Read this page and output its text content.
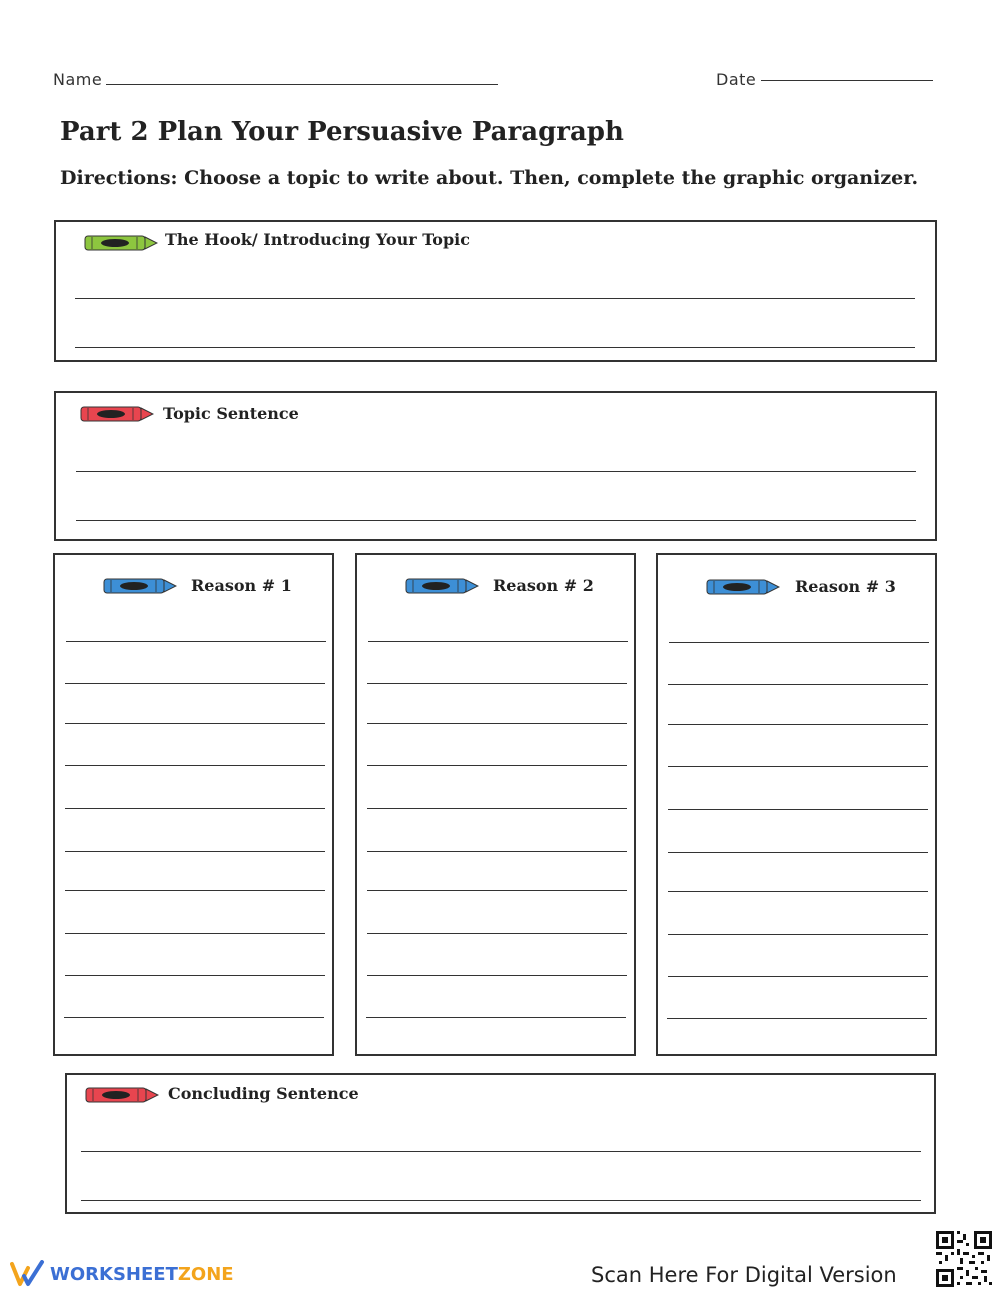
Name	Date
Part 2 Plan Your Persuasive Paragraph
Directions: Choose a topic to write about. Then, complete the graphic organizer.
The Hook/ Introducing Your Topic
Topic Sentence
Reason # 1	Reason # 2	Reason # 3
Concluding Sentence
WORKSHEET ZONE	Scan Here For Digital Version
